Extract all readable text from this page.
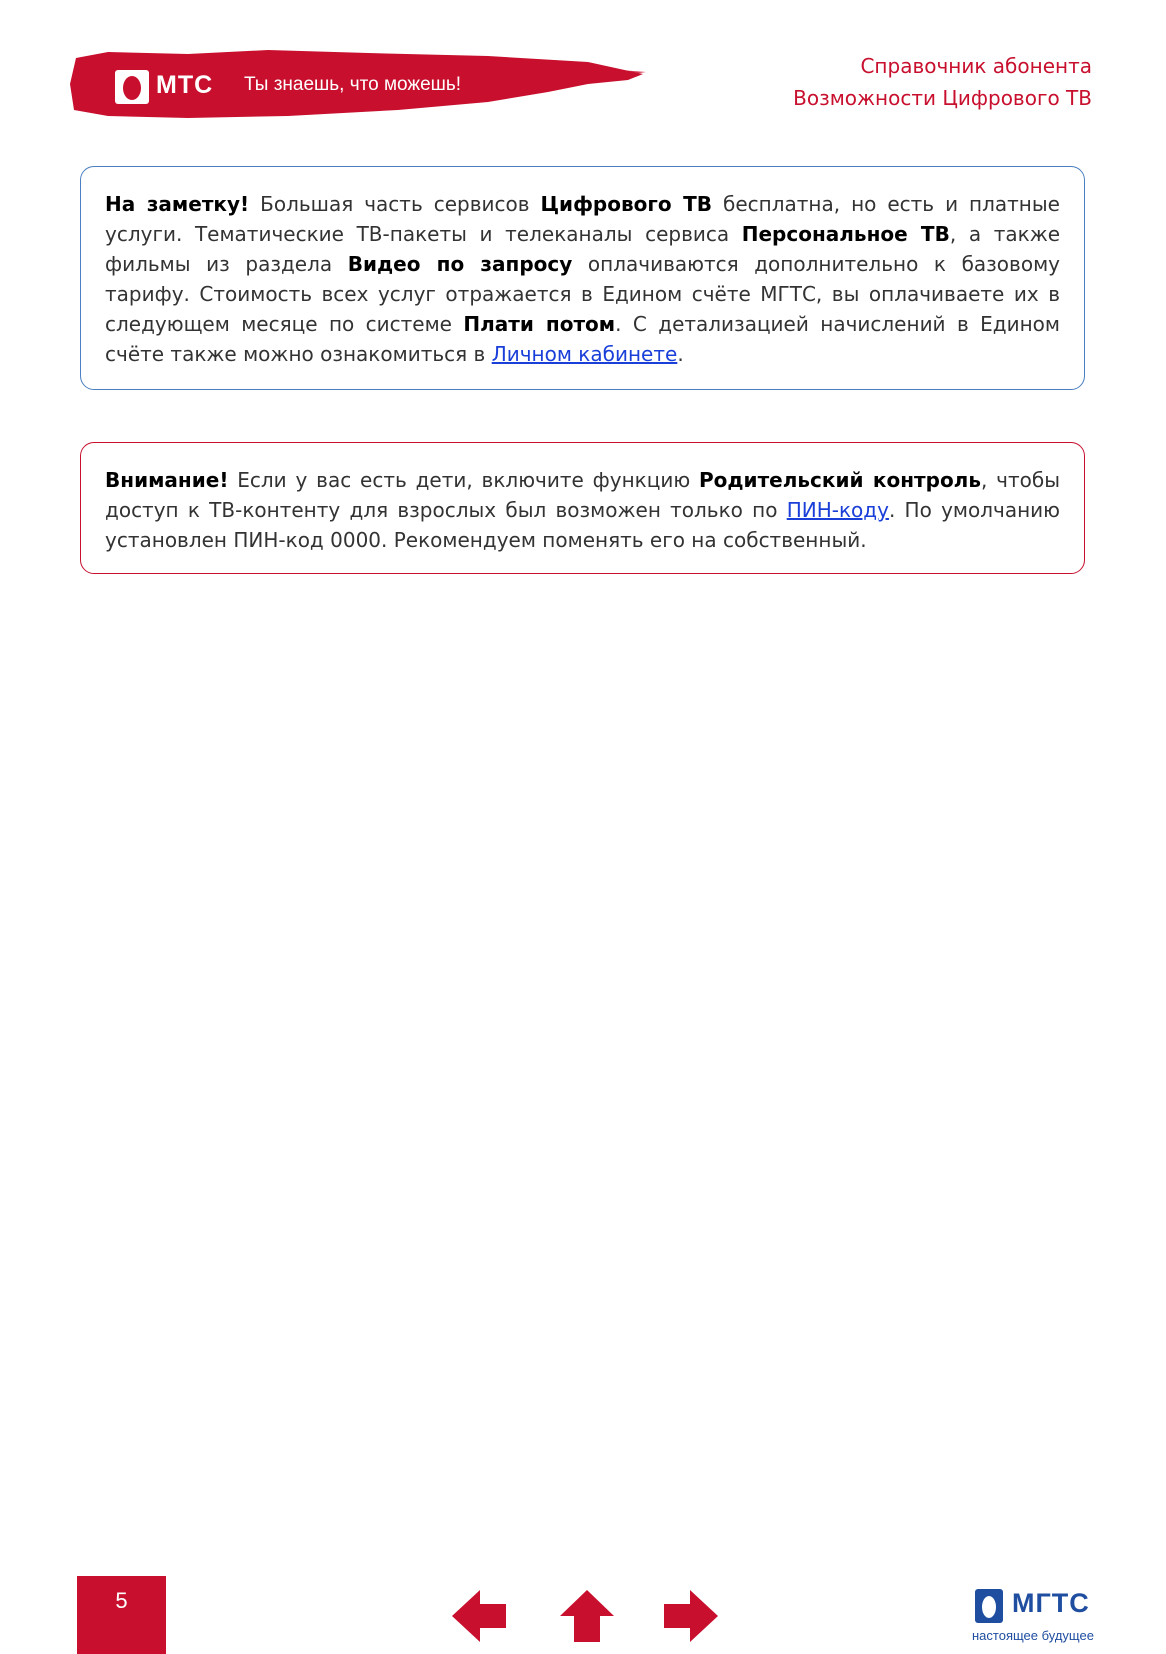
МТС Ты знаешь, что можешь!
Справочник абонента
Возможности Цифрового ТВ
На заметку! Большая часть сервисов Цифрового ТВ бесплатна, но есть и платные услуги. Тематические ТВ-пакеты и телеканалы сервиса Персональное ТВ, а также фильмы из раздела Видео по запросу оплачиваются дополнительно к базовому тарифу. Стоимость всех услуг отражается в Едином счёте МГТС, вы оплачиваете их в следующем месяце по системе Плати потом. С детализацией начислений в Едином счёте также можно ознакомиться в Личном кабинете.
Внимание! Если у вас есть дети, включите функцию Родительский контроль, чтобы доступ к ТВ-контенту для взрослых был возможен только по ПИН-коду. По умолчанию установлен ПИН-код 0000. Рекомендуем поменять его на собственный.
5	МГТС
настоящее будущее
